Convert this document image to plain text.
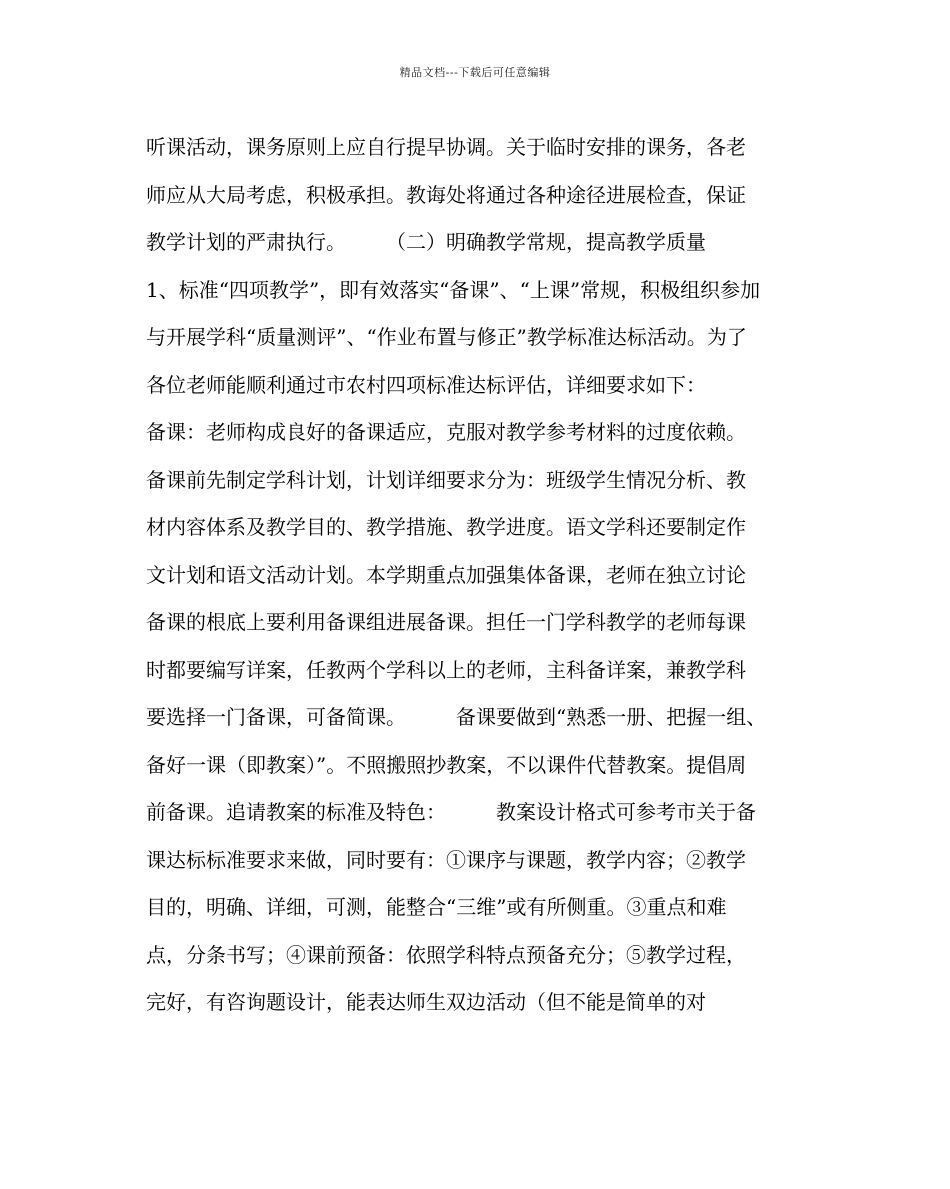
精品文档---下载后可任意编辑
听课活动，课务原则上应自行提早协调。关于临时安排的课务，各老
师应从大局考虑，积极承担。教诲处将通过各种途径进展检查，保证
教学计划的严肃执行。　　　（二）明确教学常规，提高教学质量
1、标准“四项教学”，即有效落实“备课”、“上课”常规，积极组织参加
与开展学科“质量测评”、“作业布置与修正”教学标准达标活动。为了
各位老师能顺利通过市农村四项标准达标评估，详细要求如下：
备课：老师构成良好的备课适应，克服对教学参考材料的过度依赖。
备课前先制定学科计划，计划详细要求分为：班级学生情况分析、教
材内容体系及教学目的、教学措施、教学进度。语文学科还要制定作
文计划和语文活动计划。本学期重点加强集体备课，老师在独立讨论
备课的根底上要利用备课组进展备课。担任一门学科教学的老师每课
时都要编写详案，任教两个学科以上的老师，主科备详案，兼教学科
要选择一门备课，可备简课。　　　备课要做到“熟悉一册、把握一组、
备好一课（即教案）”。不照搬照抄教案，不以课件代替教案。提倡周
前备课。追请教案的标准及特色：　　　教案设计格式可参考市关于备
课达标标准要求来做，同时要有：①课序与课题，教学内容；②教学
目的，明确、详细，可测，能整合“三维”或有所侧重。③重点和难
点，分条书写；④课前预备：依照学科特点预备充分；⑤教学过程，
完好，有咨询题设计，能表达师生双边活动（但不能是简单的对
